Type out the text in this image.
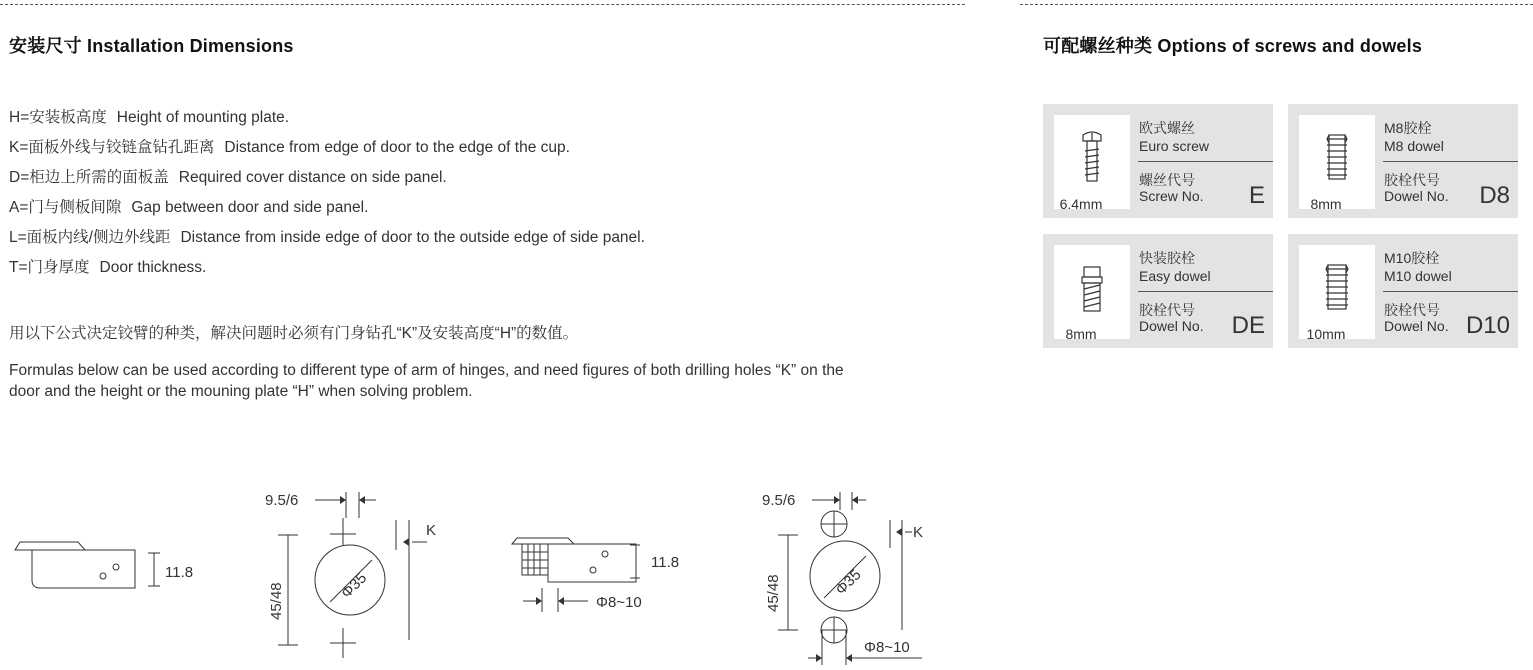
安装尺寸 Installation Dimensions
H=安装板高度 Height of mounting plate.
K=面板外线与铰链盒钻孔距离 Distance from edge of door to the edge of the cup.
D=柜边上所需的面板盖 Required cover distance on side panel.
A=门与侧板间隙 Gap between door and side panel.
L=面板内线/侧边外线距 Distance from inside edge of door to the outside edge of side panel.
T=门身厚度 Door thickness.
用以下公式决定铰臂的种类，解决问题时必须有门身钻孔“K”及安装高度“H”的数值。
Formulas below can be used according to different type of arm of hinges, and need figures of both drilling holes “K” on the door and the height or the mouning plate “H” when solving problem.
11.8
9.5/6
Φ35
K
45/48
11.8
Φ8~10
9.5/6
Φ35
K
45/48
Φ8~10
可配螺丝种类 Options of screws and dowels
6.4mm
欧式螺丝
Euro screw
螺丝代号
Screw No. E	8mm
M8胶栓
M8 dowel
胶栓代号
Dowel No. D8
8mm
快装胶栓
Easy dowel
胶栓代号
Dowel No. DE	10mm
M10胶栓
M10 dowel
胶栓代号
Dowel No. D10
